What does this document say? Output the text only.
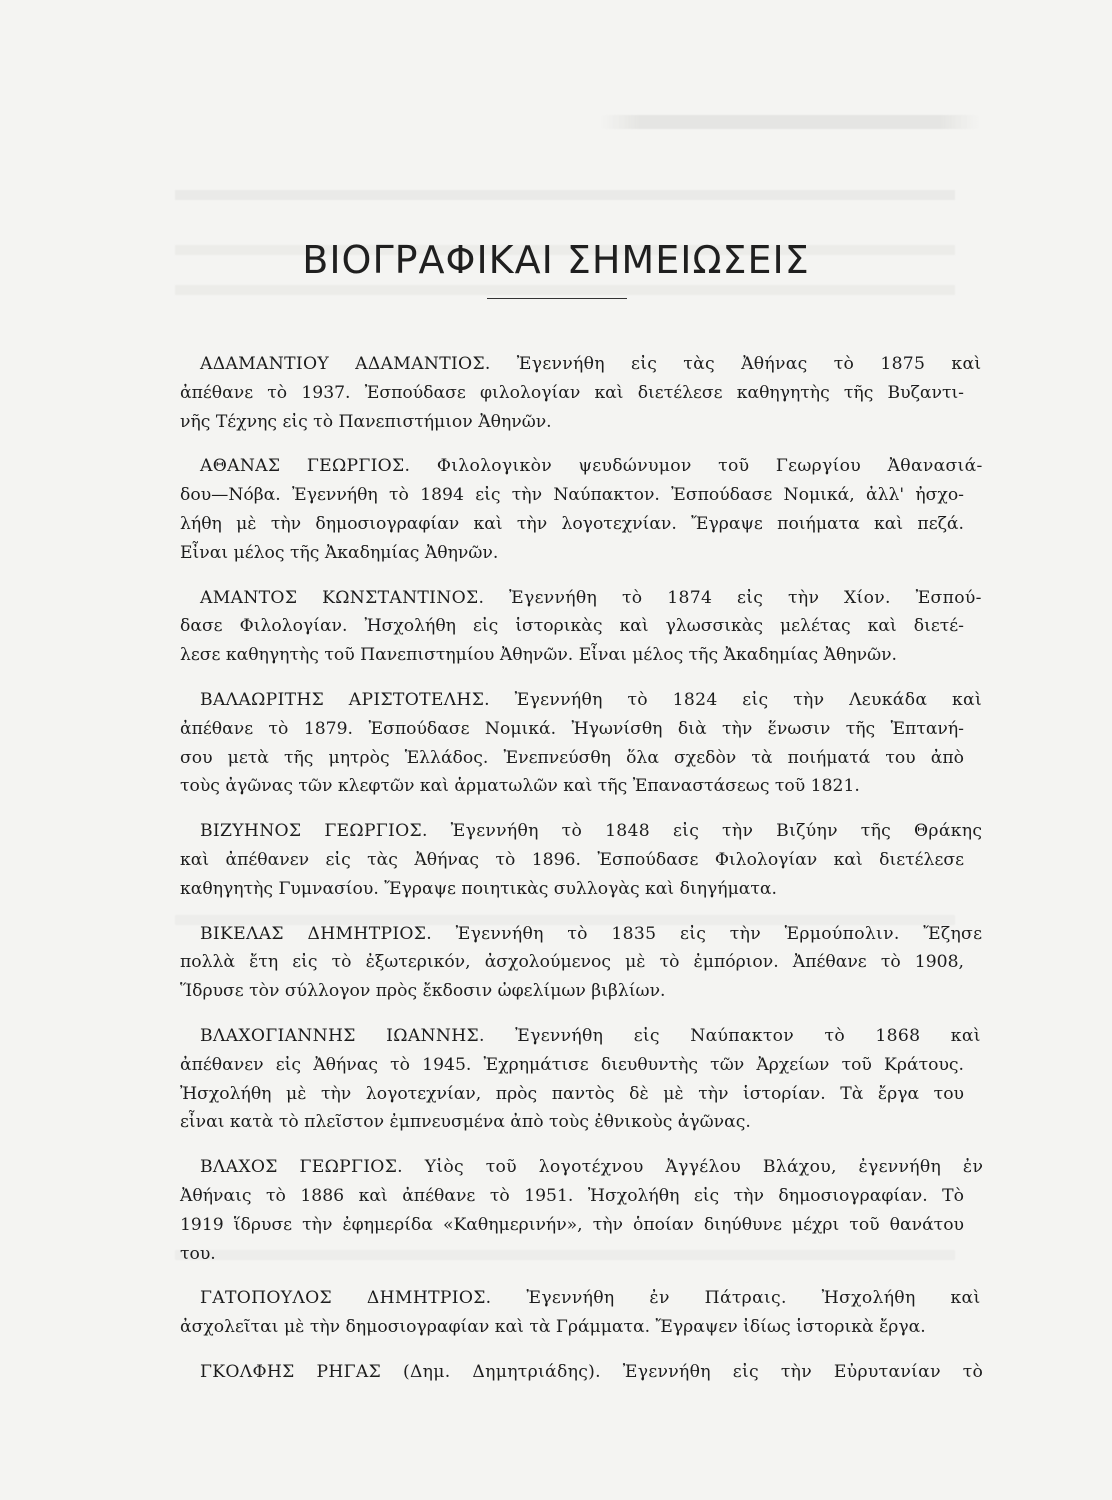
ΒΙΟΓΡΑΦΙΚΑΙ ΣΗΜΕΙΩΣΕΙΣ

ΑΔΑΜΑΝΤΙΟΥ ΑΔΑΜΑΝΤΙΟΣ. Ἐγεννήθη εἰς τὰς Ἀθήνας τὸ 1875 καὶ
ἀπέθανε τὸ 1937. Ἐσπούδασε φιλολογίαν καὶ διετέλεσε καθηγητὴς τῆς Βυζαντι-
νῆς Τέχνης εἰς τὸ Πανεπιστήμιον Ἀθηνῶν.

ΑΘΑΝΑΣ ΓΕΩΡΓΙΟΣ. Φιλολογικὸν ψευδώνυμον τοῦ Γεωργίου Ἀθανασιά-
δου—Νόβα. Ἐγεννήθη τὸ 1894 εἰς τὴν Ναύπακτον. Ἐσπούδασε Νομικά, ἀλλ' ἠσχο-
λήθη μὲ τὴν δημοσιογραφίαν καὶ τὴν λογοτεχνίαν. Ἔγραψε ποιήματα καὶ πεζά.
Εἶναι μέλος τῆς Ἀκαδημίας Ἀθηνῶν.

ΑΜΑΝΤΟΣ ΚΩΝΣΤΑΝΤΙΝΟΣ. Ἐγεννήθη τὸ 1874 εἰς τὴν Χίον. Ἐσπού-
δασε Φιλολογίαν. Ἠσχολήθη εἰς ἱστορικὰς καὶ γλωσσικὰς μελέτας καὶ διετέ-
λεσε καθηγητὴς τοῦ Πανεπιστημίου Ἀθηνῶν. Εἶναι μέλος τῆς Ἀκαδημίας Ἀθηνῶν.

ΒΑΛΑΩΡΙΤΗΣ ΑΡΙΣΤΟΤΕΛΗΣ. Ἐγεννήθη τὸ 1824 εἰς τὴν Λευκάδα καὶ
ἀπέθανε τὸ 1879. Ἐσπούδασε Νομικά. Ἠγωνίσθη διὰ τὴν ἕνωσιν τῆς Ἑπτανή-
σου μετὰ τῆς μητρὸς Ἑλλάδος. Ἐνεπνεύσθη ὅλα σχεδὸν τὰ ποιήματά του ἀπὸ
τοὺς ἀγῶνας τῶν κλεφτῶν καὶ ἁρματωλῶν καὶ τῆς Ἐπαναστάσεως τοῦ 1821.

ΒΙΖΥΗΝΟΣ ΓΕΩΡΓΙΟΣ. Ἐγεννήθη τὸ 1848 εἰς τὴν Βιζύην τῆς Θράκης
καὶ ἀπέθανεν εἰς τὰς Ἀθήνας τὸ 1896. Ἐσπούδασε Φιλολογίαν καὶ διετέλεσε
καθηγητὴς Γυμνασίου. Ἔγραψε ποιητικὰς συλλογὰς καὶ διηγήματα.

ΒΙΚΕΛΑΣ ΔΗΜΗΤΡΙΟΣ. Ἐγεννήθη τὸ 1835 εἰς τὴν Ἑρμούπολιν. Ἔζησε
πολλὰ ἔτη εἰς τὸ ἐξωτερικόν, ἀσχολούμενος μὲ τὸ ἐμπόριον. Ἀπέθανε τὸ 1908,
Ἵδρυσε τὸν σύλλογον πρὸς ἔκδοσιν ὠφελίμων βιβλίων.

ΒΛΑΧΟΓΙΑΝΝΗΣ ΙΩΑΝΝΗΣ. Ἐγεννήθη εἰς Ναύπακτον τὸ 1868 καὶ
ἀπέθανεν εἰς Ἀθήνας τὸ 1945. Ἐχρημάτισε διευθυντὴς τῶν Ἀρχείων τοῦ Κράτους.
Ἠσχολήθη μὲ τὴν λογοτεχνίαν, πρὸς παντὸς δὲ μὲ τὴν ἱστορίαν. Τὰ ἔργα του
εἶναι κατὰ τὸ πλεῖστον ἐμπνευσμένα ἀπὸ τοὺς ἐθνικοὺς ἀγῶνας.

ΒΛΑΧΟΣ ΓΕΩΡΓΙΟΣ. Υἱὸς τοῦ λογοτέχνου Ἀγγέλου Βλάχου, ἐγεννήθη ἐν
Ἀθήναις τὸ 1886 καὶ ἀπέθανε τὸ 1951. Ἠσχολήθη εἰς τὴν δημοσιογραφίαν. Τὸ
1919 ἵδρυσε τὴν ἐφημερίδα «Καθημερινήν», τὴν ὁποίαν διηύθυνε μέχρι τοῦ θανάτου
του.

ΓΑΤΟΠΟΥΛΟΣ ΔΗΜΗΤΡΙΟΣ. Ἐγεννήθη ἐν Πάτραις. Ἠσχολήθη καὶ
ἀσχολεῖται μὲ τὴν δημοσιογραφίαν καὶ τὰ Γράμματα. Ἔγραψεν ἰδίως ἱστορικὰ ἔργα.

ΓΚΟΛΦΗΣ ΡΗΓΑΣ (Δημ. Δημητριάδης). Ἐγεννήθη εἰς τὴν Εὐρυτανίαν τὸ
